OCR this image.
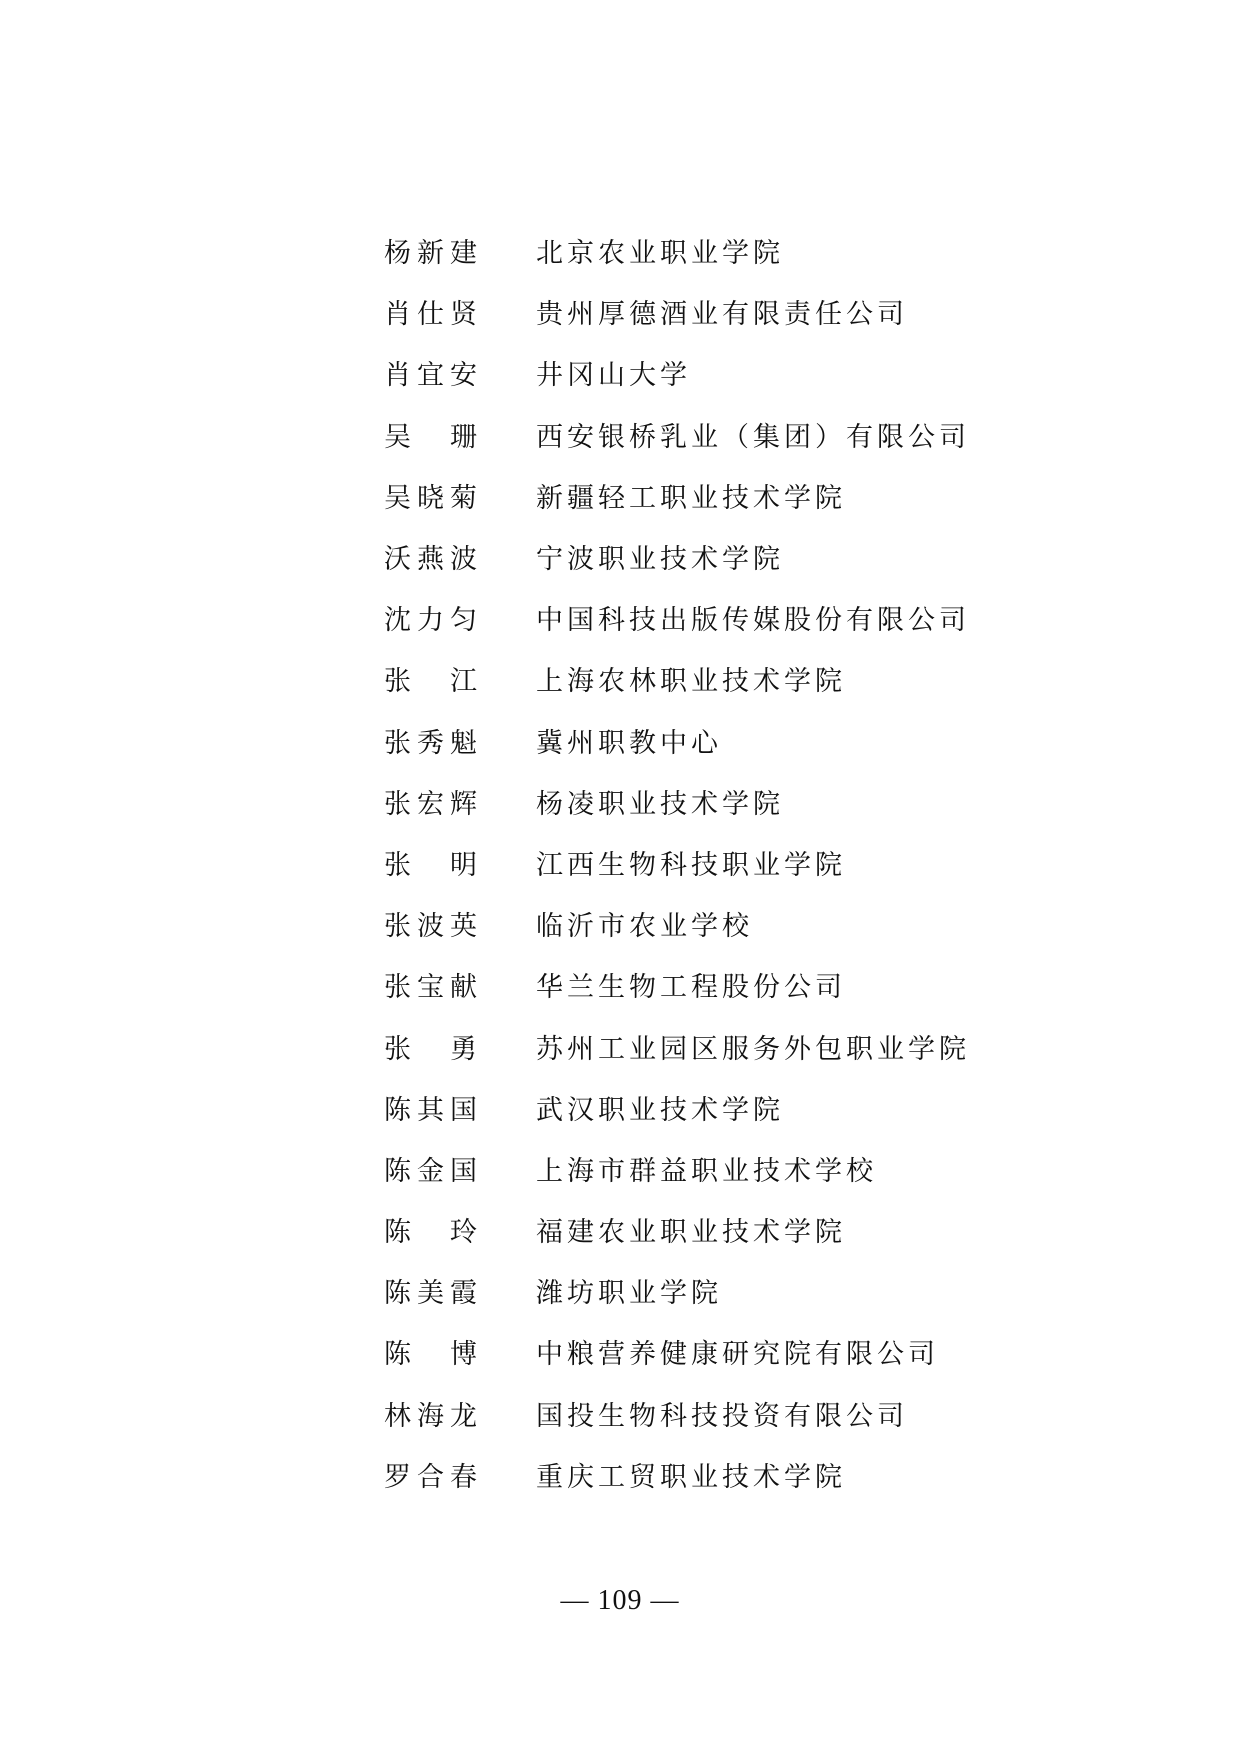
杨新建	北京农业职业学院
肖仕贤	贵州厚德酒业有限责任公司
肖宜安	井冈山大学
吴　珊	西安银桥乳业（集团）有限公司
吴晓菊	新疆轻工职业技术学院
沃燕波	宁波职业技术学院
沈力匀	中国科技出版传媒股份有限公司
张　江	上海农林职业技术学院
张秀魁	冀州职教中心
张宏辉	杨凌职业技术学院
张　明	江西生物科技职业学院
张波英	临沂市农业学校
张宝献	华兰生物工程股份公司
张　勇	苏州工业园区服务外包职业学院
陈其国	武汉职业技术学院
陈金国	上海市群益职业技术学校
陈　玲	福建农业职业技术学院
陈美霞	潍坊职业学院
陈　博	中粮营养健康研究院有限公司
林海龙	国投生物科技投资有限公司
罗合春	重庆工贸职业技术学院
— 109 —
